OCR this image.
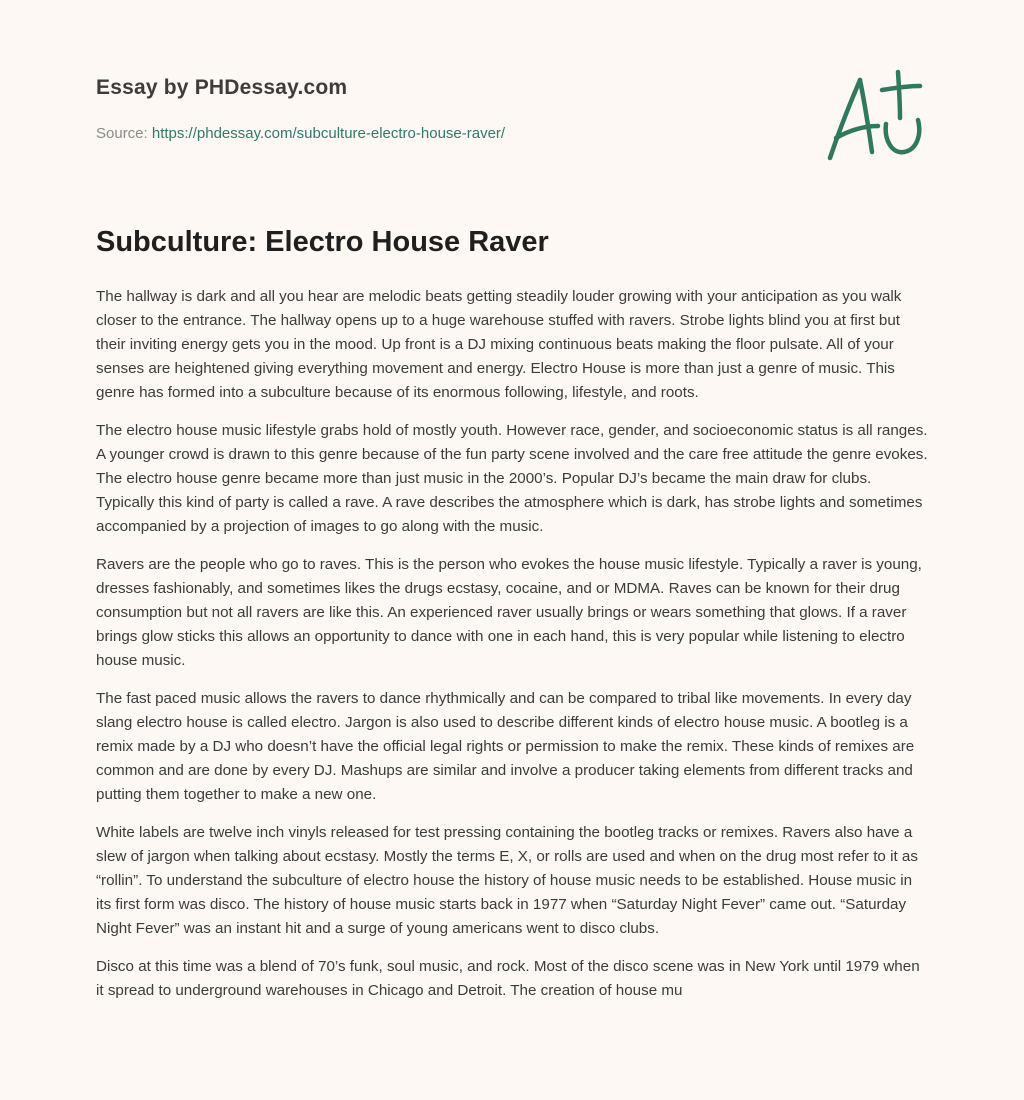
Essay by PHDessay.com
Source: https://phdessay.com/subculture-electro-house-raver/
Subculture: Electro House Raver

The hallway is dark and all you hear are melodic beats getting steadily louder growing with your anticipation as you walk closer to the entrance. The hallway opens up to a huge warehouse stuffed with ravers. Strobe lights blind you at first but their inviting energy gets you in the mood. Up front is a DJ mixing continuous beats making the floor pulsate. All of your senses are heightened giving everything movement and energy. Electro House is more than just a genre of music. This genre has formed into a subculture because of its enormous following, lifestyle, and roots.

The electro house music lifestyle grabs hold of mostly youth. However race, gender, and socioeconomic status is all ranges. A younger crowd is drawn to this genre because of the fun party scene involved and the care free attitude the genre evokes. The electro house genre became more than just music in the 2000’s. Popular DJ’s became the main draw for clubs. Typically this kind of party is called a rave. A rave describes the atmosphere which is dark, has strobe lights and sometimes accompanied by a projection of images to go along with the music.

Ravers are the people who go to raves. This is the person who evokes the house music lifestyle. Typically a raver is young, dresses fashionably, and sometimes likes the drugs ecstasy, cocaine, and or MDMA. Raves can be known for their drug consumption but not all ravers are like this. An experienced raver usually brings or wears something that glows. If a raver brings glow sticks this allows an opportunity to dance with one in each hand, this is very popular while listening to electro house music.

The fast paced music allows the ravers to dance rhythmically and can be compared to tribal like movements. In every day slang electro house is called electro. Jargon is also used to describe different kinds of electro house music. A bootleg is a remix made by a DJ who doesn’t have the official legal rights or permission to make the remix. These kinds of remixes are common and are done by every DJ. Mashups are similar and involve a producer taking elements from different tracks and putting them together to make a new one.

White labels are twelve inch vinyls released for test pressing containing the bootleg tracks or remixes. Ravers also have a slew of jargon when talking about ecstasy. Mostly the terms E, X, or rolls are used and when on the drug most refer to it as “rollin”. To understand the subculture of electro house the history of house music needs to be established. House music in its first form was disco. The history of house music starts back in 1977 when “Saturday Night Fever” came out. “Saturday Night Fever” was an instant hit and a surge of young americans went to disco clubs.

Disco at this time was a blend of 70’s funk, soul music, and rock. Most of the disco scene was in New York until 1979 when it spread to underground warehouses in Chicago and Detroit. The creation of house mu
